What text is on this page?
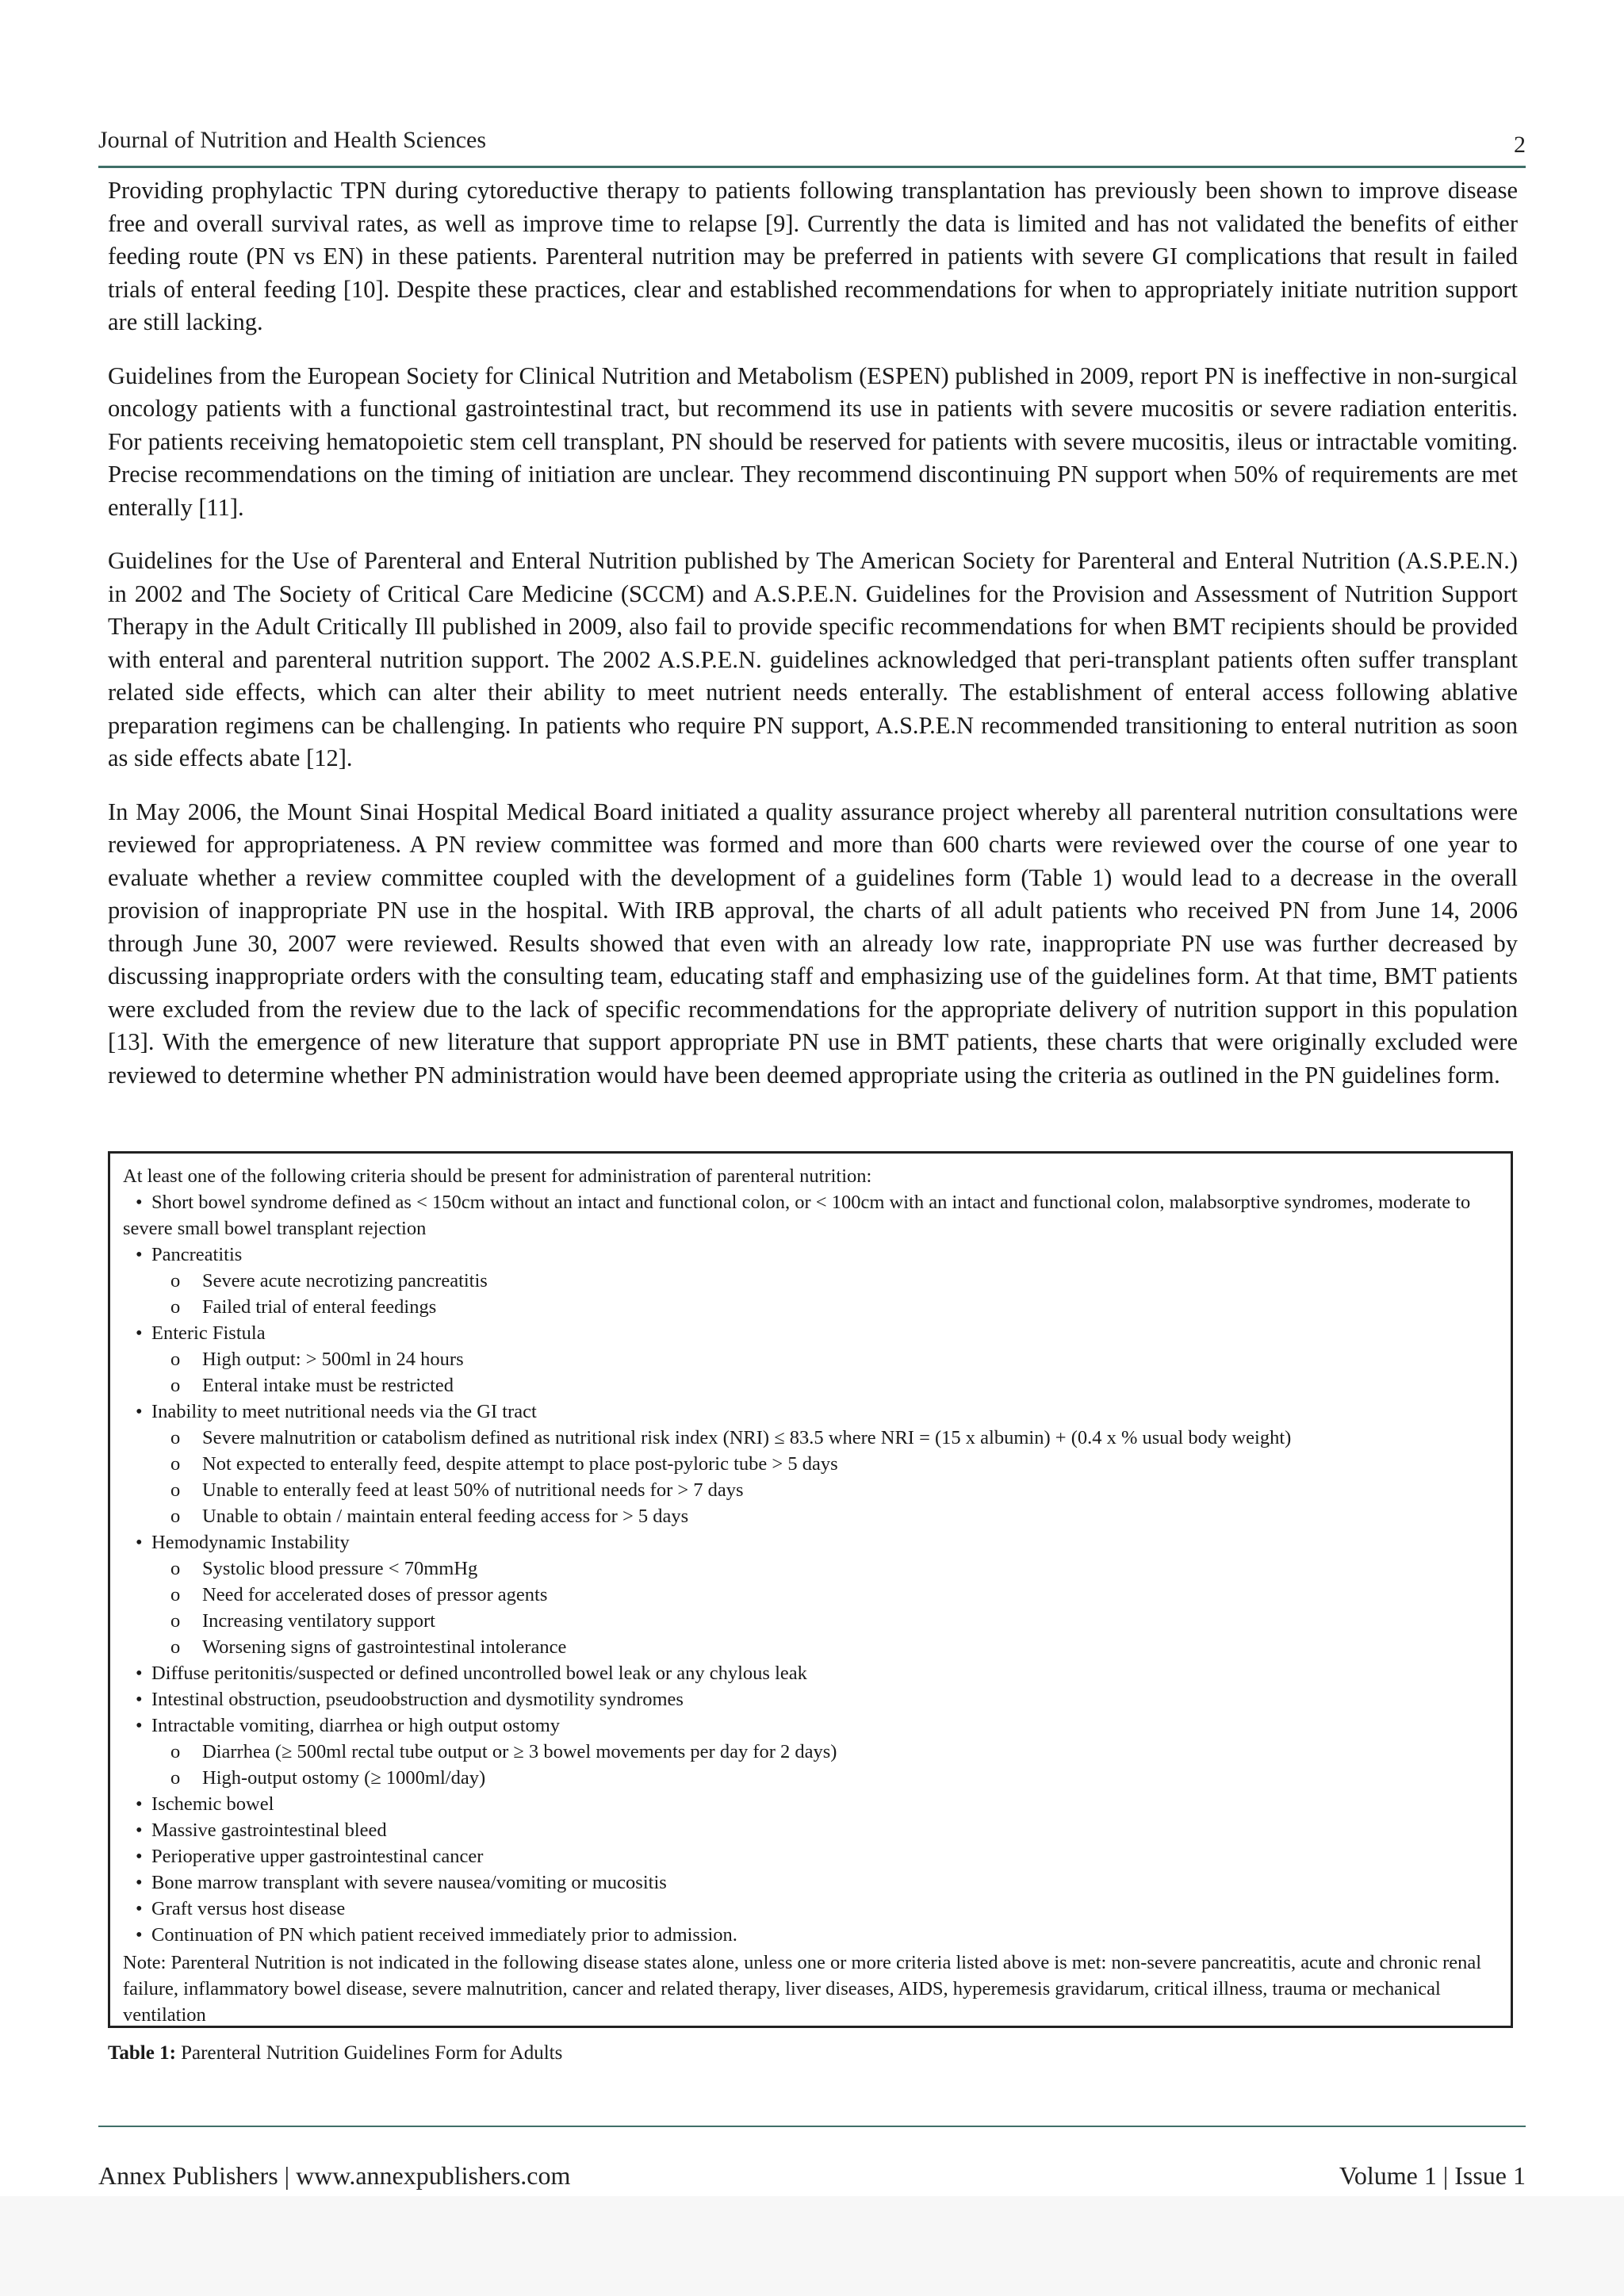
Journal of Nutrition and Health Sciences	2

Providing prophylactic TPN during cytoreductive therapy to patients following transplantation has previously been shown to improve disease free and overall survival rates, as well as improve time to relapse [9]. Currently the data is limited and has not validated the benefits of either feeding route (PN vs EN) in these patients. Parenteral nutrition may be preferred in patients with severe GI complications that result in failed trials of enteral feeding [10]. Despite these practices, clear and established recommendations for when to appropriately initiate nutrition support are still lacking.

Guidelines from the European Society for Clinical Nutrition and Metabolism (ESPEN) published in 2009, report PN is ineffective in non-surgical oncology patients with a functional gastrointestinal tract, but recommend its use in patients with severe mucositis or severe radiation enteritis. For patients receiving hematopoietic stem cell transplant, PN should be reserved for patients with severe mucositis, ileus or intractable vomiting. Precise recommendations on the timing of initiation are unclear. They recommend discontinuing PN support when 50% of requirements are met enterally [11].

Guidelines for the Use of Parenteral and Enteral Nutrition published by The American Society for Parenteral and Enteral Nutrition (A.S.P.E.N.) in 2002 and The Society of Critical Care Medicine (SCCM) and A.S.P.E.N. Guidelines for the Provision and Assessment of Nutrition Support Therapy in the Adult Critically Ill published in 2009, also fail to provide specific recommendations for when BMT recipients should be provided with enteral and parenteral nutrition support. The 2002 A.S.P.E.N. guidelines acknowledged that peri-transplant patients often suffer transplant related side effects, which can alter their ability to meet nutrient needs enterally. The establishment of enteral access following ablative preparation regimens can be challenging. In patients who require PN support, A.S.P.E.N recommended transitioning to enteral nutrition as soon as side effects abate [12].

In May 2006, the Mount Sinai Hospital Medical Board initiated a quality assurance project whereby all parenteral nutrition consultations were reviewed for appropriateness. A PN review committee was formed and more than 600 charts were reviewed over the course of one year to evaluate whether a review committee coupled with the development of a guidelines form (Table 1) would lead to a decrease in the overall provision of inappropriate PN use in the hospital. With IRB approval, the charts of all adult patients who received PN from June 14, 2006 through June 30, 2007 were reviewed. Results showed that even with an already low rate, inappropriate PN use was further decreased by discussing inappropriate orders with the consulting team, educating staff and emphasizing use of the guidelines form. At that time, BMT patients were excluded from the review due to the lack of specific recommendations for the appropriate delivery of nutrition support in this population [13]. With the emergence of new literature that support appropriate PN use in BMT patients, these charts that were originally excluded were reviewed to determine whether PN administration would have been deemed appropriate using the criteria as outlined in the PN guidelines form.

At least one of the following criteria should be present for administration of parenteral nutrition:
• Short bowel syndrome defined as < 150cm without an intact and functional colon, or < 100cm with an intact and functional colon, malabsorptive syndromes, moderate to severe small bowel transplant rejection
• Pancreatitis
o Severe acute necrotizing pancreatitis
o Failed trial of enteral feedings
• Enteric Fistula
o High output: > 500ml in 24 hours
o Enteral intake must be restricted
• Inability to meet nutritional needs via the GI tract
o Severe malnutrition or catabolism defined as nutritional risk index (NRI) ≤ 83.5 where NRI = (15 x albumin) + (0.4 x % usual body weight)
o Not expected to enterally feed, despite attempt to place post-pyloric tube > 5 days
o Unable to enterally feed at least 50% of nutritional needs for > 7 days
o Unable to obtain / maintain enteral feeding access for > 5 days
• Hemodynamic Instability
o Systolic blood pressure < 70mmHg
o Need for accelerated doses of pressor agents
o Increasing ventilatory support
o Worsening signs of gastrointestinal intolerance
• Diffuse peritonitis/suspected or defined uncontrolled bowel leak or any chylous leak
• Intestinal obstruction, pseudoobstruction and dysmotility syndromes
• Intractable vomiting, diarrhea or high output ostomy
o Diarrhea (≥ 500ml rectal tube output or ≥ 3 bowel movements per day for 2 days)
o High-output ostomy (≥ 1000ml/day)
• Ischemic bowel
• Massive gastrointestinal bleed
• Perioperative upper gastrointestinal cancer
• Bone marrow transplant with severe nausea/vomiting or mucositis
• Graft versus host disease
• Continuation of PN which patient received immediately prior to admission.
Note: Parenteral Nutrition is not indicated in the following disease states alone, unless one or more criteria listed above is met: non-severe pancreatitis, acute and chronic renal failure, inflammatory bowel disease, severe malnutrition, cancer and related therapy, liver diseases, AIDS, hyperemesis gravidarum, critical illness, trauma or mechanical ventilation
Table 1: Parenteral Nutrition Guidelines Form for Adults
Annex Publishers | www.annexpublishers.com	Volume 1 | Issue 1
